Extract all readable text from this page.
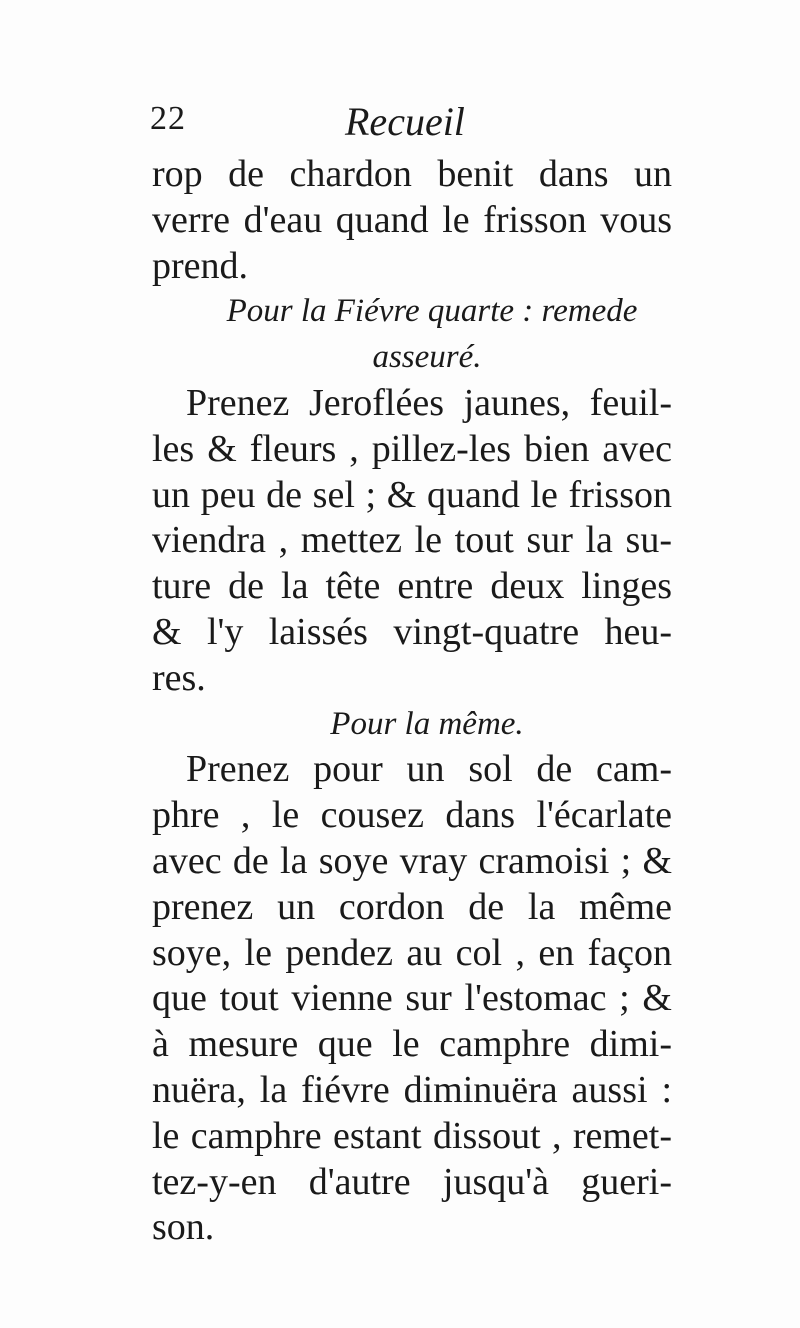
22	Recueil
rop de chardon benit dans un
verre d'eau quand le frisson vous
prend.
Pour la Fiévre quarte : remede
asseuré.
Prenez Jeroflées jaunes, feuil-
les & fleurs , pillez-les bien avec
un peu de sel ; & quand le frisson
viendra , mettez le tout sur la su-
ture de la tête entre deux linges
& l'y laissés vingt-quatre heu-
res.
Pour la même.
Prenez pour un sol de cam-
phre , le cousez dans l'écarlate
avec de la soye vray cramoisi ; &
prenez un cordon de la même
soye, le pendez au col , en façon
que tout vienne sur l'estomac ; &
à mesure que le camphre dimi-
nuëra, la fiévre diminuëra aussi :
le camphre estant dissout , remet-
tez-y-en d'autre jusqu'à gueri-
son.
